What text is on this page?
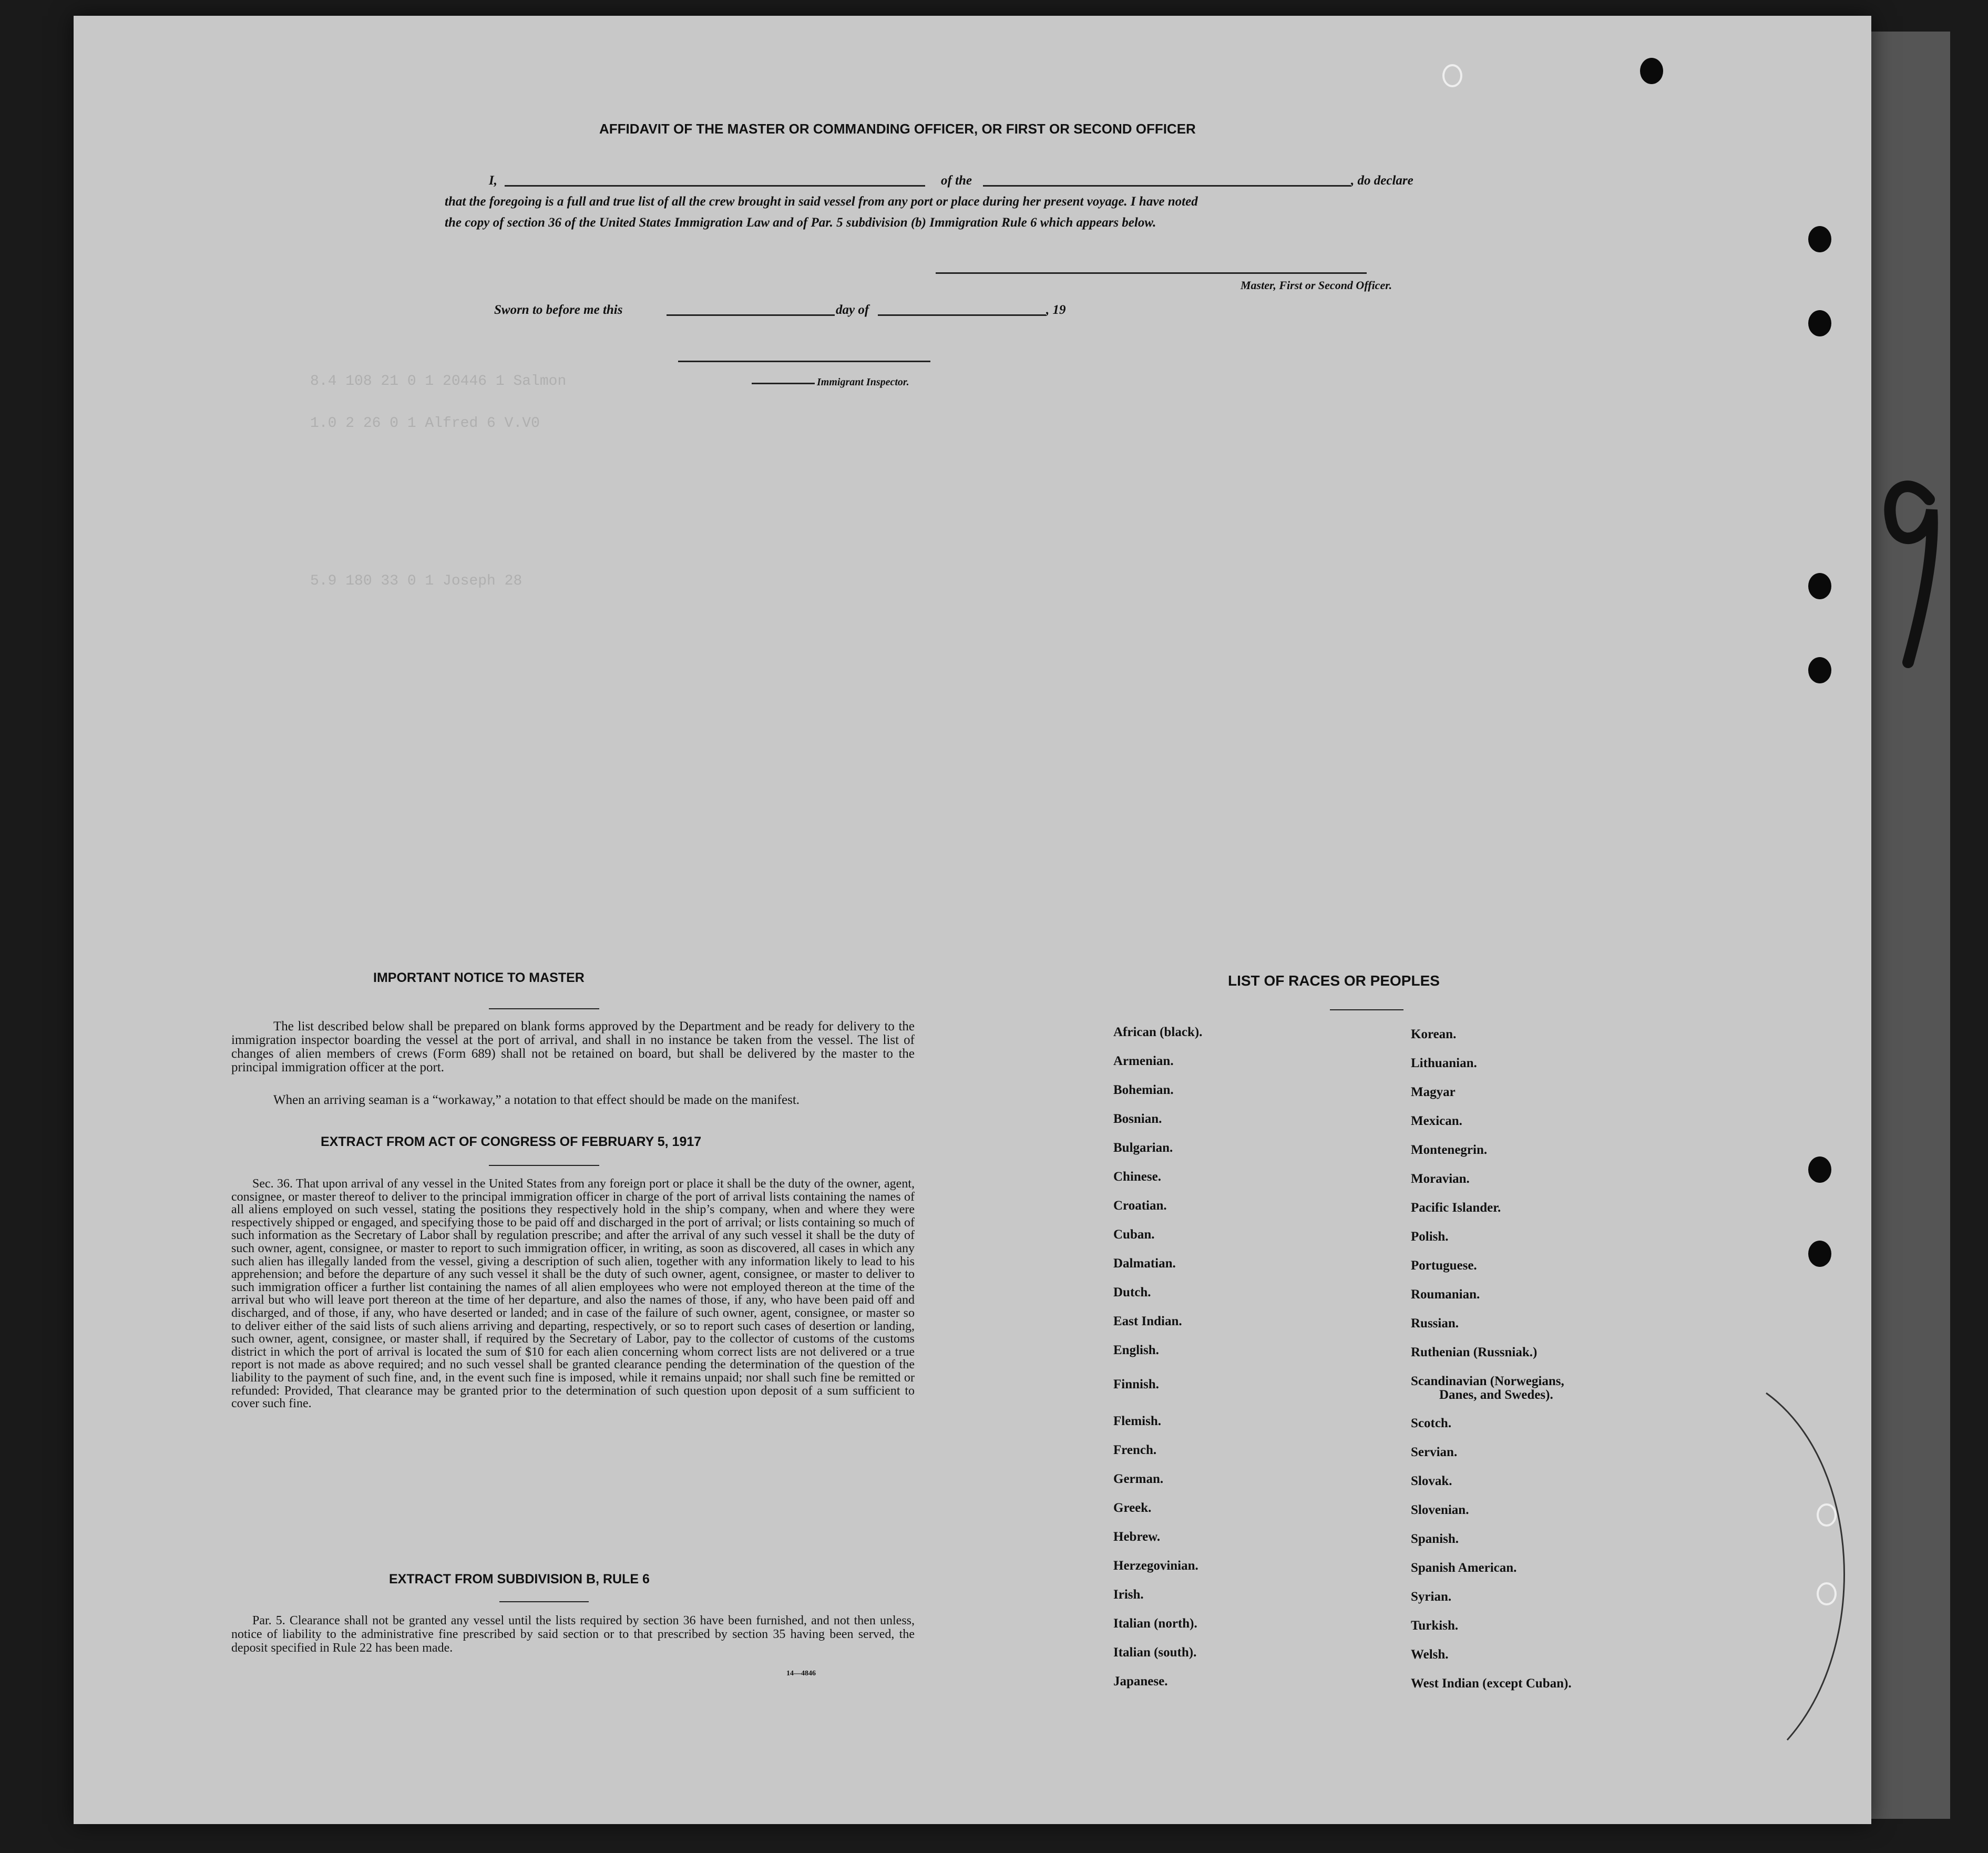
8.4 108 21 0 1 20446 1 Salmon
1.0 2 26 0 1 Alfred 6 V.V0
5.9 180 33 0 1 Joseph 28
AFFIDAVIT OF THE MASTER OR COMMANDING OFFICER, OR FIRST OR SECOND OFFICER
I,	of the	, do declare
that the foregoing is a full and true list of all the crew brought in said vessel from any port or place during her present voyage. I have noted
the copy of section 36 of the United States Immigration Law and of Par. 5 subdivision (b) Immigration Rule 6 which appears below.
Master, First or Second Officer.
Sworn to before me this	day of	, 19
Immigrant Inspector.
IMPORTANT NOTICE TO MASTER
The list described below shall be prepared on blank forms approved by the Department and be ready for delivery to the immigration inspector boarding the vessel at the port of arrival, and shall in no instance be taken from the vessel. The list of changes of alien members of crews (Form 689) shall not be retained on board, but shall be delivered by the master to the principal immigration officer at the port.
When an arriving seaman is a “workaway,” a notation to that effect should be made on the manifest.
EXTRACT FROM ACT OF CONGRESS OF FEBRUARY 5, 1917
Sec. 36. That upon arrival of any vessel in the United States from any foreign port or place it shall be the duty of the owner, agent, consignee, or master thereof to deliver to the principal immigration officer in charge of the port of arrival lists containing the names of all aliens employed on such vessel, stating the positions they respectively hold in the ship’s company, when and where they were respectively shipped or engaged, and specifying those to be paid off and discharged in the port of arrival; or lists containing so much of such information as the Secretary of Labor shall by regulation prescribe; and after the arrival of any such vessel it shall be the duty of such owner, agent, consignee, or master to report to such immigration officer, in writing, as soon as discovered, all cases in which any such alien has illegally landed from the vessel, giving a description of such alien, together with any information likely to lead to his apprehension; and before the departure of any such vessel it shall be the duty of such owner, agent, consignee, or master to deliver to such immigration officer a further list containing the names of all alien employees who were not employed thereon at the time of the arrival but who will leave port thereon at the time of her departure, and also the names of those, if any, who have been paid off and discharged, and of those, if any, who have deserted or landed; and in case of the failure of such owner, agent, consignee, or master so to deliver either of the said lists of such aliens arriving and departing, respectively, or so to report such cases of desertion or landing, such owner, agent, consignee, or master shall, if required by the Secretary of Labor, pay to the collector of customs of the customs district in which the port of arrival is located the sum of $10 for each alien concerning whom correct lists are not delivered or a true report is not made as above required; and no such vessel shall be granted clearance pending the determination of the question of the liability to the payment of such fine, and, in the event such fine is imposed, while it remains unpaid; nor shall such fine be remitted or refunded: Provided, That clearance may be granted prior to the determination of such question upon deposit of a sum sufficient to cover such fine.
EXTRACT FROM SUBDIVISION B, RULE 6
Par. 5. Clearance shall not be granted any vessel until the lists required by section 36 have been furnished, and not then unless, notice of liability to the administrative fine prescribed by said section or to that prescribed by section 35 having been served, the deposit specified in Rule 22 has been made.
14—4846
LIST OF RACES OR PEOPLES
African (black).
Armenian.
Bohemian.
Bosnian.
Bulgarian.
Chinese.
Croatian.
Cuban.
Dalmatian.
Dutch.
East Indian.
English.
Finnish.
Flemish.
French.
German.
Greek.
Hebrew.
Herzegovinian.
Irish.
Italian (north).
Italian (south).
Japanese.
Korean.
Lithuanian.
Magyar
Mexican.
Montenegrin.
Moravian.
Pacific Islander.
Polish.
Portuguese.
Roumanian.
Russian.
Ruthenian (Russniak.)
Scandinavian (Norwegians,
Danes, and Swedes).
Scotch.
Servian.
Slovak.
Slovenian.
Spanish.
Spanish American.
Syrian.
Turkish.
Welsh.
West Indian (except Cuban).
